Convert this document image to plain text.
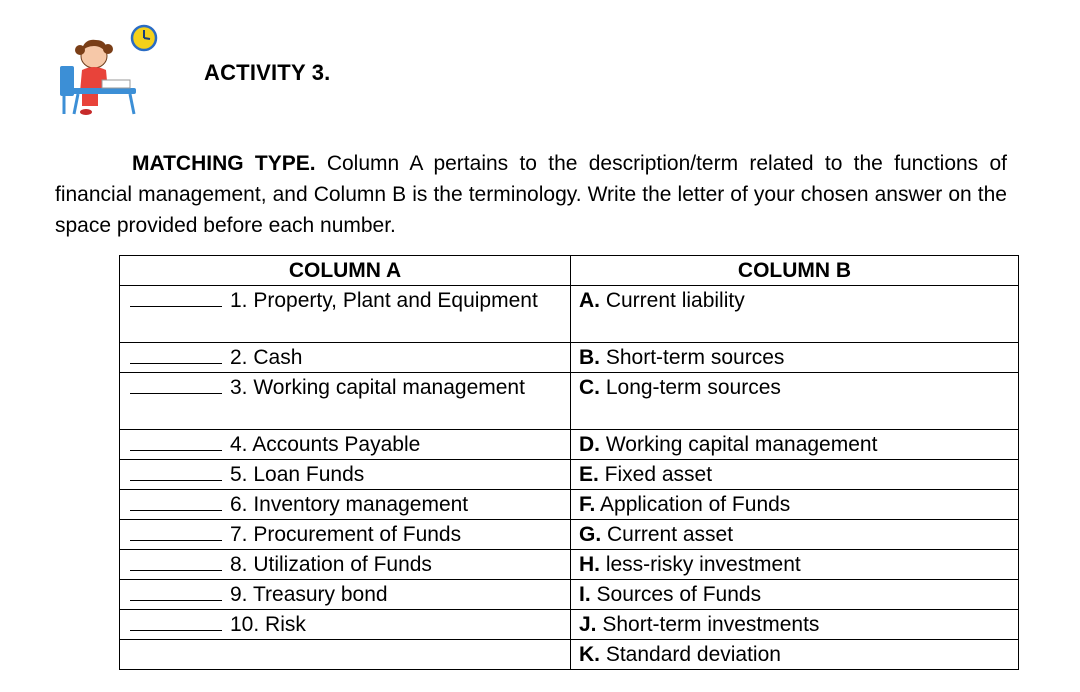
ACTIVITY 3.
MATCHING TYPE. Column A pertains to the description/term related to the functions of financial management, and Column B is the terminology. Write the letter of your chosen answer on the space provided before each number.
COLUMN A	COLUMN B
1. Property, Plant and Equipment	A. Current liability
2. Cash	B. Short-term sources
3. Working capital management	C. Long-term sources
4. Accounts Payable	D. Working capital management
5. Loan Funds	E. Fixed asset
6. Inventory management	F. Application of Funds
7. Procurement of Funds	G. Current asset
8. Utilization of Funds	H. less-risky investment
9. Treasury bond	I. Sources of Funds
10. Risk	J. Short-term investments
	K. Standard deviation
